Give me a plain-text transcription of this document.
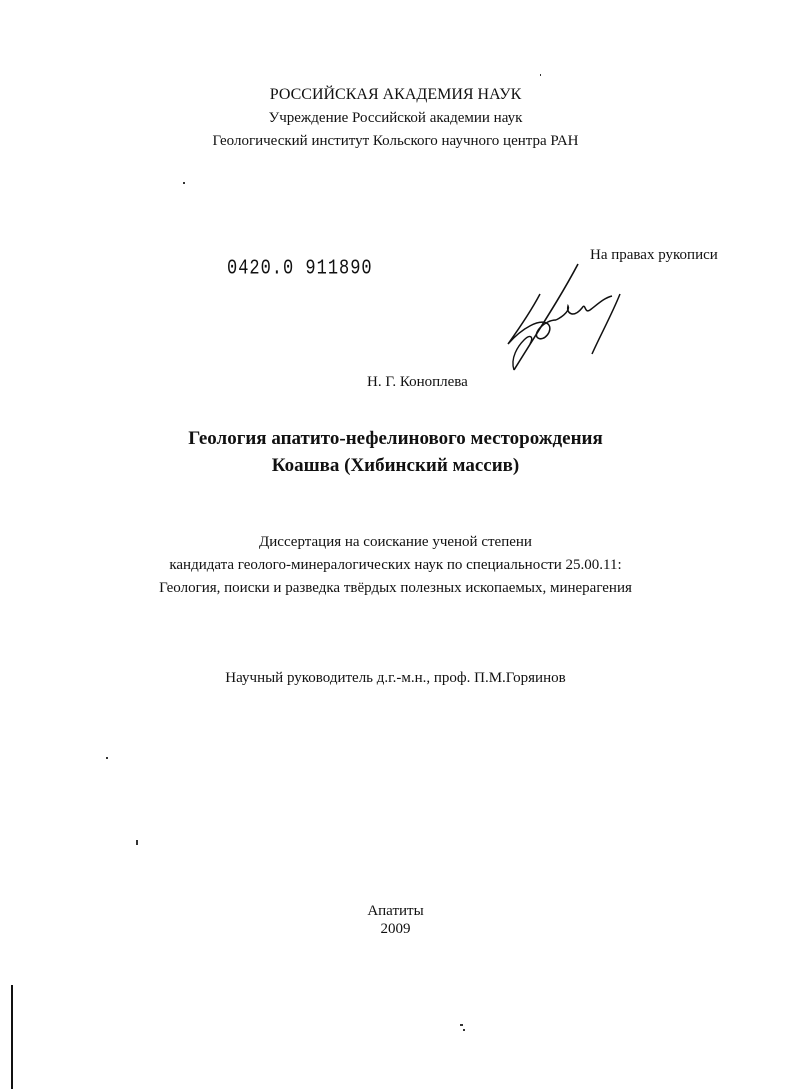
РОССИЙСКАЯ АКАДЕМИЯ НАУК
Учреждение Российской академии наук
Геологический институт Кольского научного центра РАН
0420.0 911890
На правах рукописи
Н. Г. Коноплева
Геология апатито-нефелинового месторождения
Коашва (Хибинский массив)
Диссертация на соискание ученой степени
кандидата геолого-минералогических наук по специальности 25.00.11:
Геология, поиски и разведка твёрдых полезных ископаемых, минерагения
Научный руководитель д.г.-м.н., проф. П.М.Горяинов
Апатиты
2009
